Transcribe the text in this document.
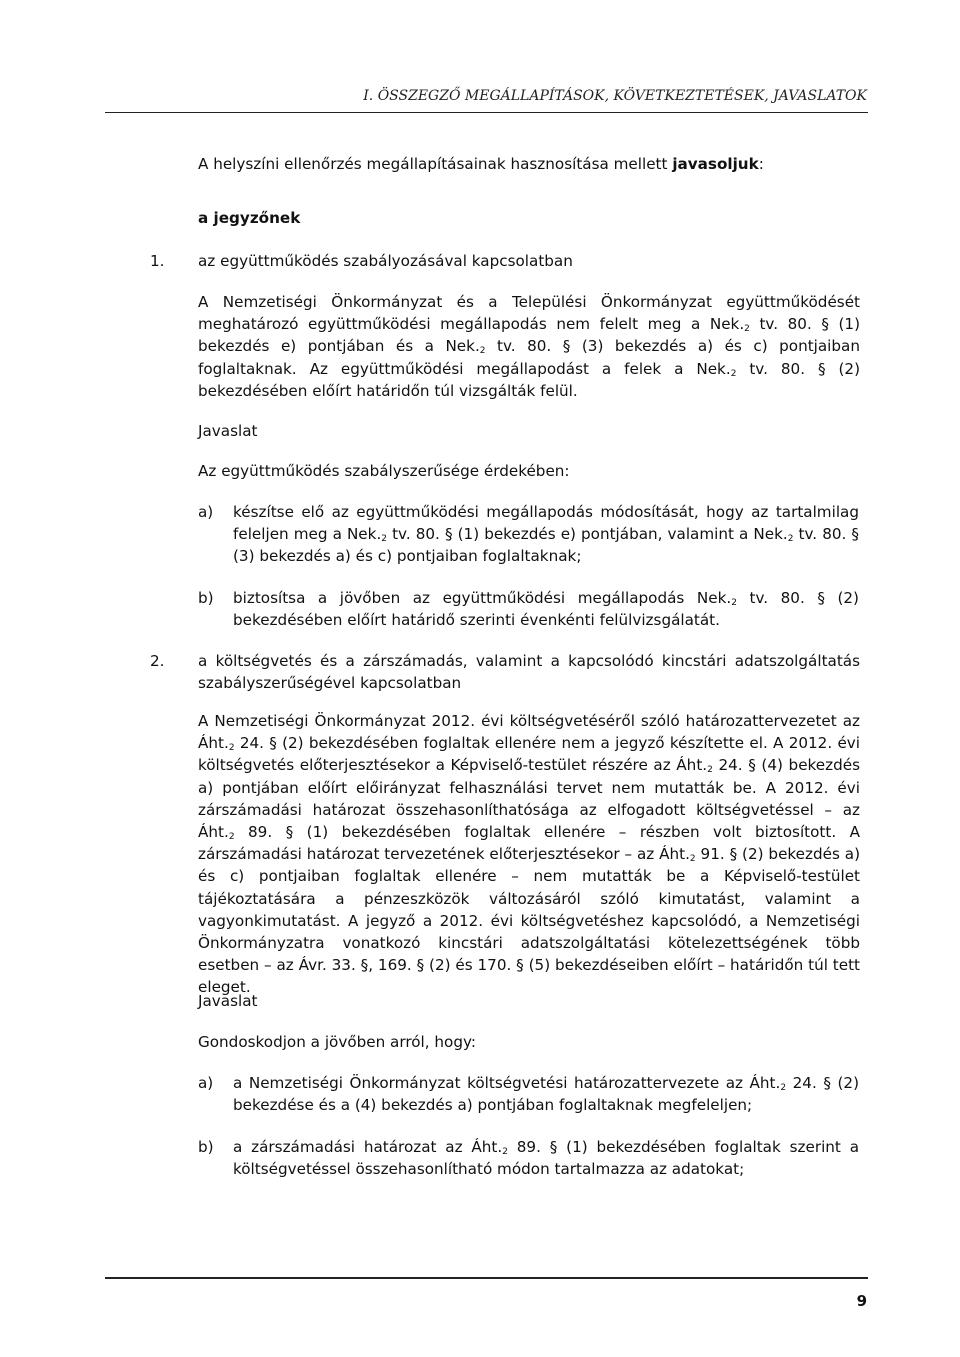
I. ÖSSZEGZŐ MEGÁLLAPÍTÁSOK, KÖVETKEZTETÉSEK, JAVASLATOK

A helyszíni ellenőrzés megállapításainak hasznosítása mellett javasoljuk:

a jegyzőnek

1. az együttműködés szabályozásával kapcsolatban

A Nemzetiségi Önkormányzat és a Települési Önkormányzat együttműködését meghatározó együttműködési megállapodás nem felelt meg a $Nek._2$ tv. 80. § (1) bekezdés e) pontjában és a $Nek._2$ tv. 80. § (3) bekezdés a) és c) pontjaiban foglaltaknak. Az együttműködési megállapodást a felek a $Nek._2$ tv. 80. § (2) bekezdésében előírt határidőn túl vizsgálták felül.

Javaslat

Az együttműködés szabályszerűsége érdekében:

a) készítse elő az együttműködési megállapodás módosítását, hogy az tartalmilag feleljen meg a $Nek._2$ tv. 80. § (1) bekezdés e) pontjában, valamint a $Nek._2$ tv. 80. § (3) bekezdés a) és c) pontjaiban foglaltaknak;

b) biztosítsa a jövőben az együttműködési megállapodás $Nek._2$ tv. 80. § (2) bekezdésében előírt határidő szerinti évenkénti felülvizsgálatát.

2. a költségvetés és a zárszámadás, valamint a kapcsolódó kincstári adatszolgáltatás szabályszerűségével kapcsolatban

A Nemzetiségi Önkormányzat 2012. évi költségvetéséről szóló határozattervezetet az $Áht._2$ 24. § (2) bekezdésében foglaltak ellenére nem a jegyző készítette el. A 2012. évi költségvetés előterjesztésekor a Képviselő-testület részére az $Áht._2$ 24. § (4) bekezdés a) pontjában előírt előirányzat felhasználási tervet nem mutatták be. A 2012. évi zárszámadási határozat összehasonlíthatósága az elfogadott költségvetéssel – az $Áht._2$ 89. § (1) bekezdésében foglaltak ellenére – részben volt biztosított. A zárszámadási határozat tervezetének előterjesztésekor – az $Áht._2$ 91. § (2) bekezdés a) és c) pontjaiban foglaltak ellenére – nem mutatták be a Képviselő-testület tájékoztatására a pénzeszközök változásáról szóló kimutatást, valamint a vagyonkimutatást. A jegyző a 2012. évi költségvetéshez kapcsolódó, a Nemzetiségi Önkormányzatra vonatkozó kincstári adatszolgáltatási kötelezettségének több esetben – az Ávr. 33. §, 169. § (2) és 170. § (5) bekezdéseiben előírt – határidőn túl tett eleget.

Javaslat

Gondoskodjon a jövőben arról, hogy:

a) a Nemzetiségi Önkormányzat költségvetési határozattervezete az $Áht._2$ 24. § (2) bekezdése és a (4) bekezdés a) pontjában foglaltaknak megfeleljen;

b) a zárszámadási határozat az $Áht._2$ 89. § (1) bekezdésében foglaltak szerint a költségvetéssel összehasonlítható módon tartalmazza az adatokat;

9
